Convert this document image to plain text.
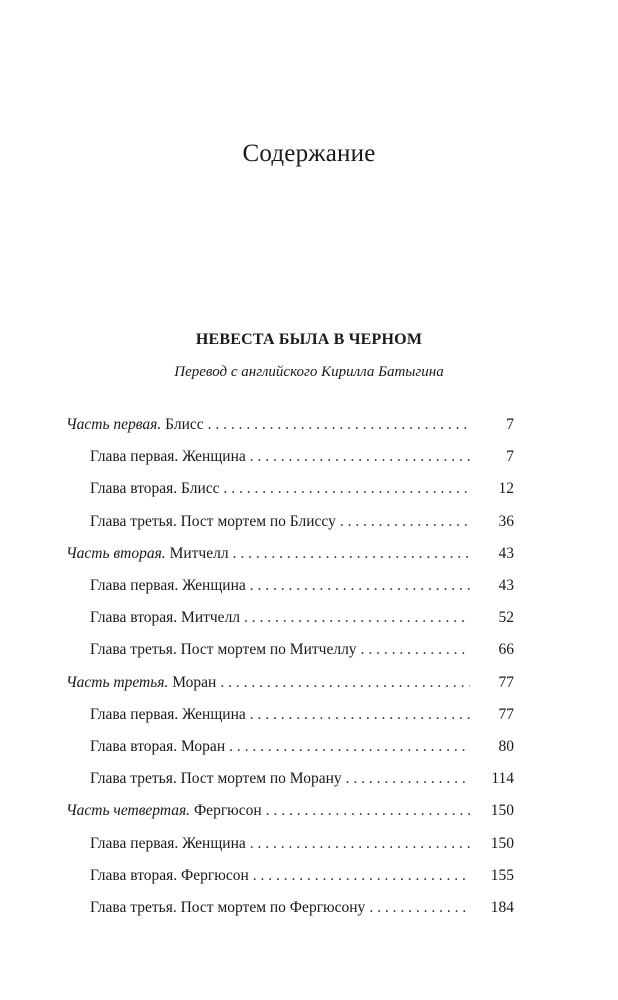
Содержание
НЕВЕСТА БЫЛА В ЧЕРНОМ
Перевод с английского Кирилла Батыгина
Часть первая. Блисс . . .	7
Глава первая. Женщина . . .	7
Глава вторая. Блисс . . .	12
Глава третья. Пост мортем по Блиссу . . .	36
Часть вторая. Митчелл . . .	43
Глава первая. Женщина . . .	43
Глава вторая. Митчелл . . .	52
Глава третья. Пост мортем по Митчеллу . . .	66
Часть третья. Моран . . .	77
Глава первая. Женщина . . .	77
Глава вторая. Моран . . .	80
Глава третья. Пост мортем по Морану . . .	114
Часть четвертая. Фергюсон . . .	150
Глава первая. Женщина . . .	150
Глава вторая. Фергюсон . . .	155
Глава третья. Пост мортем по Фергюсону . . .	184
